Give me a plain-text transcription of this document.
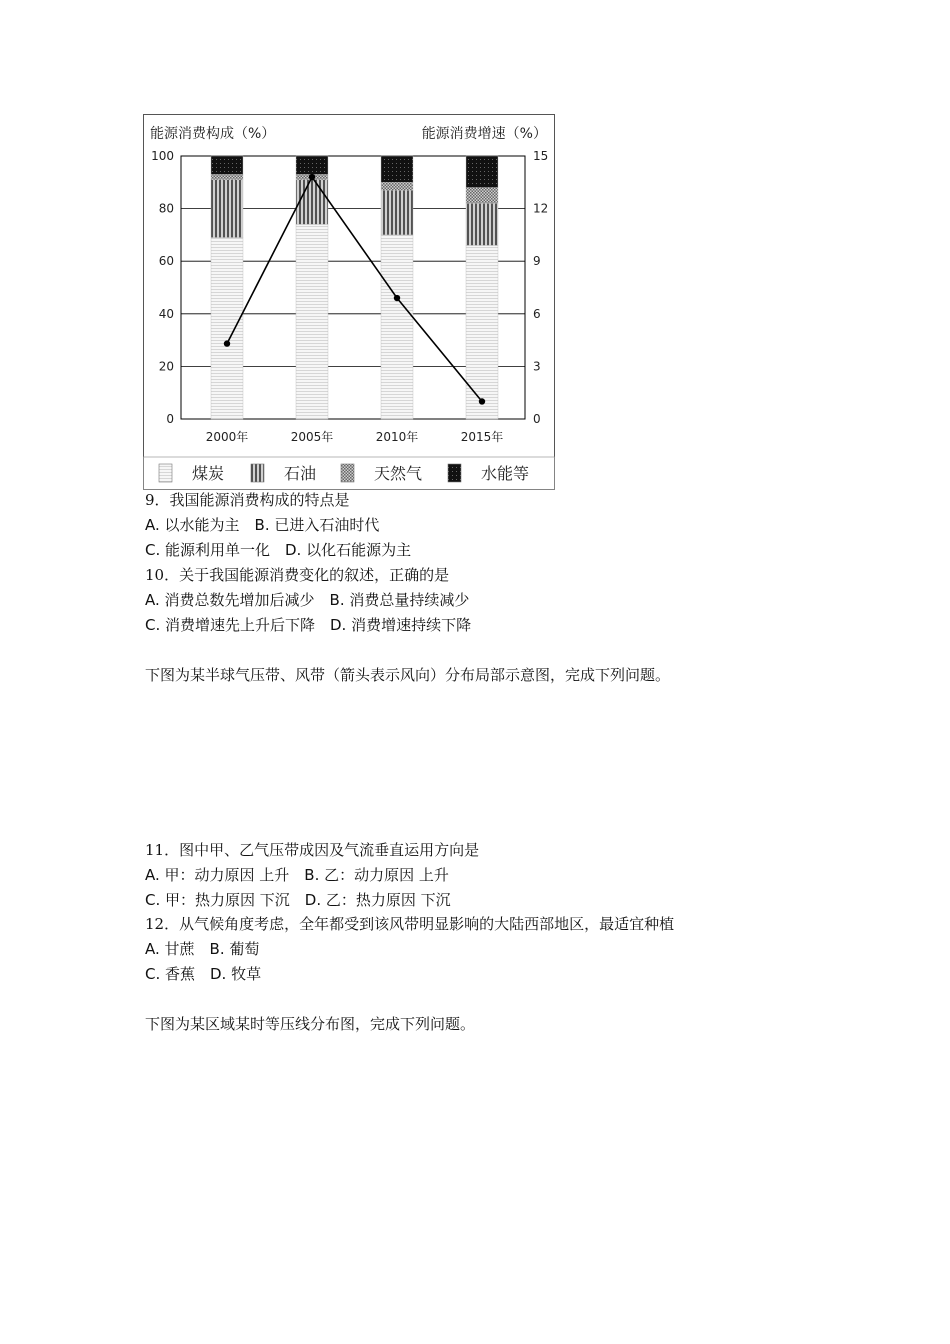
能源消费构成（%）	能源消费增速（%）
0
20
40
60
80
100
0
3
6
9
12
15
2000年	2005年	2010年	2015年
煤炭	石油	天然气	水能等
9．我国能源消费构成的特点是
A. 以水能为主　B. 已进入石油时代
C. 能源利用单一化　D. 以化石能源为主
10．关于我国能源消费变化的叙述，正确的是
A. 消费总数先增加后减少　B. 消费总量持续减少
C. 消费增速先上升后下降　D. 消费增速持续下降
下图为某半球气压带、风带（箭头表示风向）分布局部示意图，完成下列问题。
11．图中甲、乙气压带成因及气流垂直运用方向是
A. 甲：动力原因 上升　B. 乙：动力原因 上升
C. 甲：热力原因 下沉　D. 乙：热力原因 下沉
12．从气候角度考虑，全年都受到该风带明显影响的大陆西部地区，最适宜种植
A. 甘蔗　B. 葡萄
C. 香蕉　D. 牧草
下图为某区域某时等压线分布图，完成下列问题。
